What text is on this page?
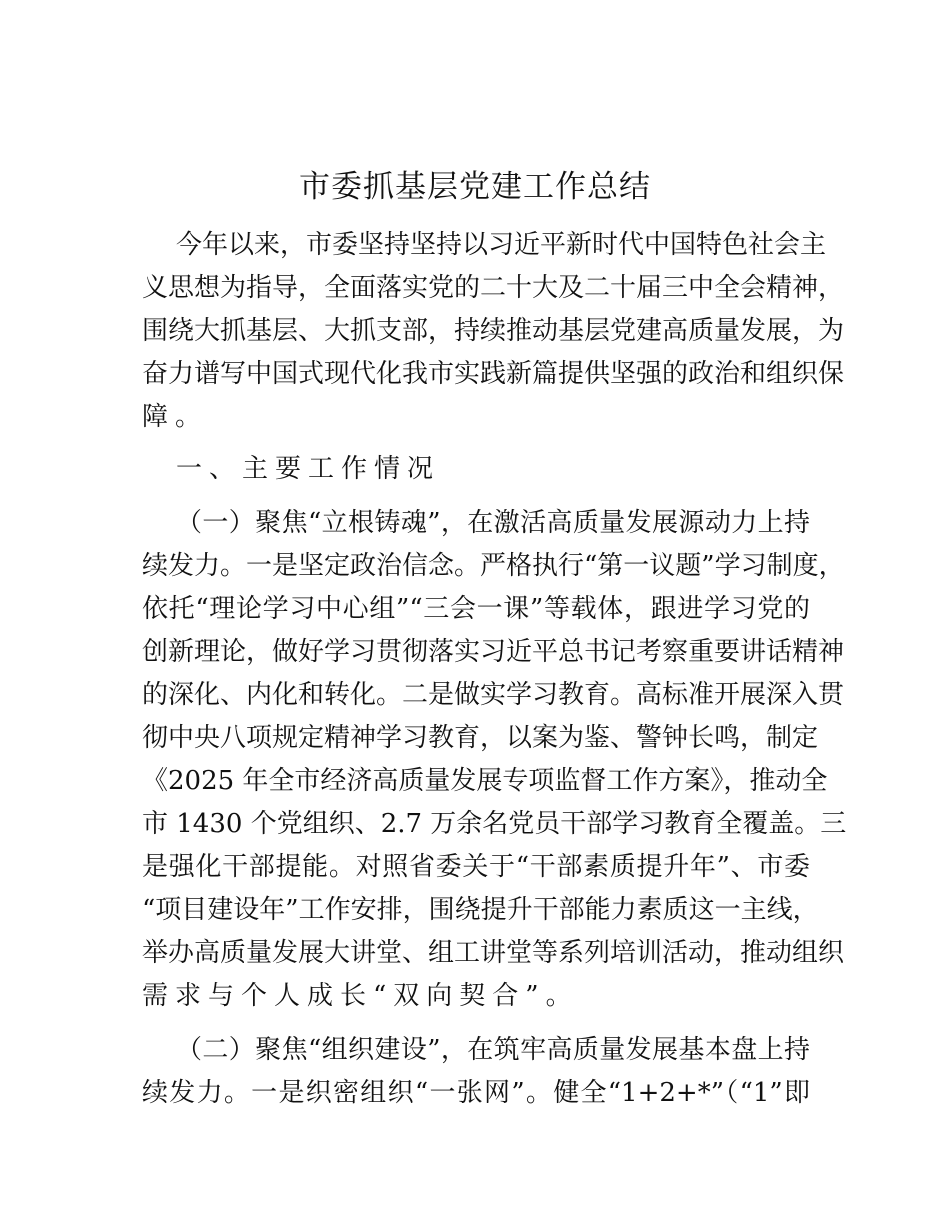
市委抓基层党建工作总结
今年以来，市委坚持坚持以习近平新时代中国特色社会主
义思想为指导，全面落实党的二十大及二十届三中全会精神，
围绕大抓基层、大抓支部，持续推动基层党建高质量发展，为
奋力谱写中国式现代化我市实践新篇提供坚强的政治和组织保
障。
一、主要工作情况
（一）聚焦“立根铸魂”，在激活高质量发展源动力上持
续发力。一是坚定政治信念。严格执行“第一议题”学习制度，
依托“理论学习中心组”“三会一课”等载体，跟进学习党的
创新理论，做好学习贯彻落实习近平总书记考察重要讲话精神
的深化、内化和转化。二是做实学习教育。高标准开展深入贯
彻中央八项规定精神学习教育，以案为鉴、警钟长鸣，制定
《2025 年全市经济高质量发展专项监督工作方案》，推动全
市 1430 个党组织、2.7 万余名党员干部学习教育全覆盖。三
是强化干部提能。对照省委关于“干部素质提升年”、市委
“项目建设年”工作安排，围绕提升干部能力素质这一主线，
举办高质量发展大讲堂、组工讲堂等系列培训活动，推动组织
需求与个人成长“双向契合”。
（二）聚焦“组织建设”，在筑牢高质量发展基本盘上持
续发力。一是织密组织“一张网”。健全“1+2+*”（“1”即
